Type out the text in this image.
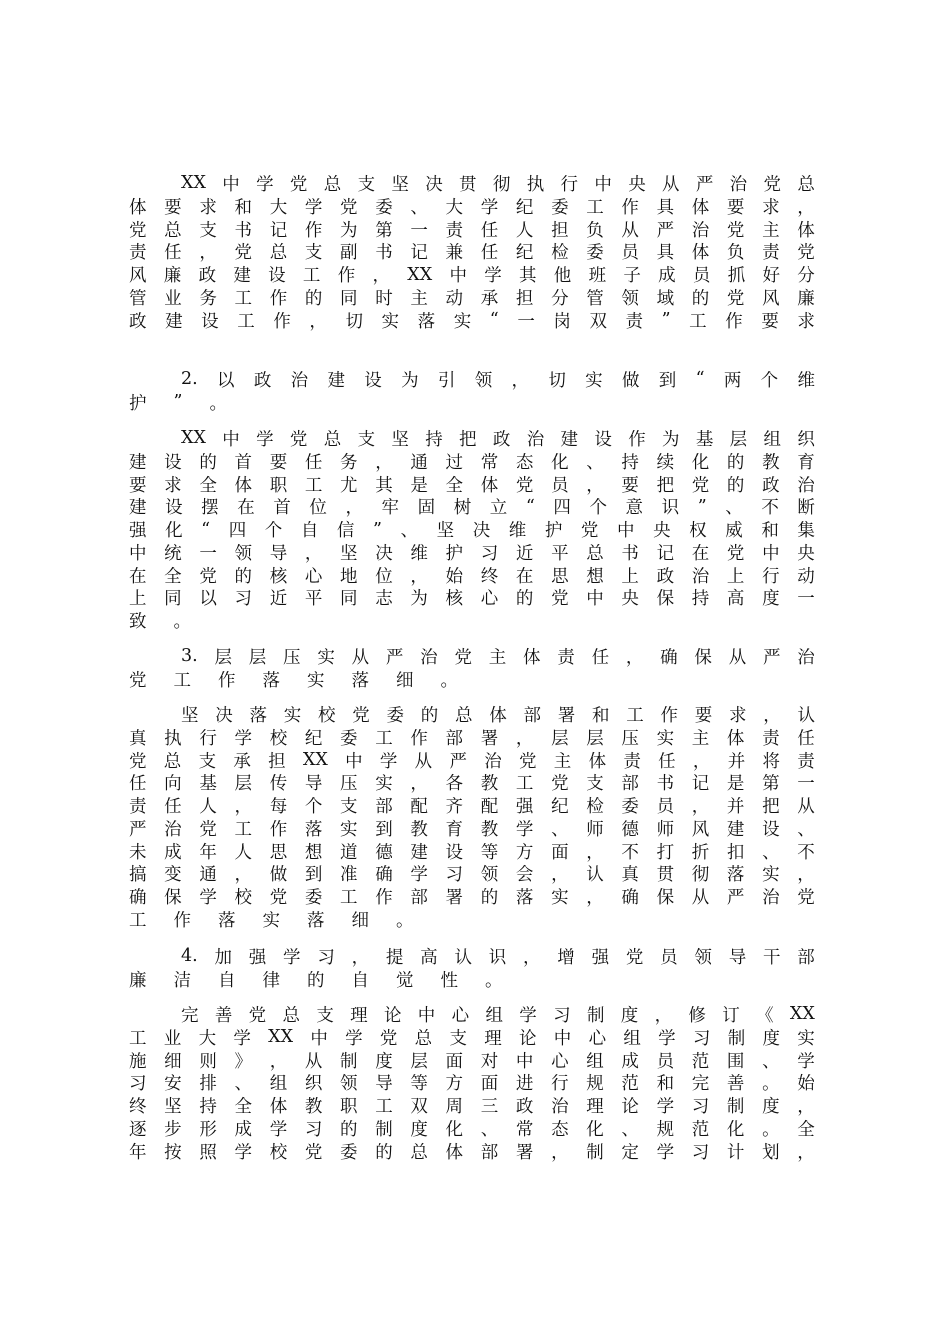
XX 中 学 党 总 支 坚 决 贯 彻 执 行 中 央 从 严 治 党 总
体 要 求 和 大 学 党 委 、 大 学 纪 委 工 作 具 体 要 求 ，
党 总 支 书 记 作 为 第 一 责 任 人 担 负 从 严 治 党 主 体
责 任 ， 党 总 支 副 书 记 兼 任 纪 检 委 员 具 体 负 责 党
风 廉 政 建 设 工 作 ， XX 中 学 其 他 班 子 成 员 抓 好 分
管 业 务 工 作 的 同 时 主 动 承 担 分 管 领 域 的 党 风 廉
政 建 设 工 作 ， 切 实 落 实 “ 一 岗 双 责 ” 工 作 要 求
2. 以 政 治 建 设 为 引 领 ， 切 实 做 到 “ 两 个 维
护 ” 。
XX 中 学 党 总 支 坚 持 把 政 治 建 设 作 为 基 层 组 织
建 设 的 首 要 任 务 ， 通 过 常 态 化 、 持 续 化 的 教 育
要 求 全 体 职 工 尤 其 是 全 体 党 员 ， 要 把 党 的 政 治
建 设 摆 在 首 位 ， 牢 固 树 立 “ 四 个 意 识 ” 、 不 断
强 化 “ 四 个 自 信 ” 、 坚 决 维 护 党 中 央 权 威 和 集
中 统 一 领 导 ， 坚 决 维 护 习 近 平 总 书 记 在 党 中 央
在 全 党 的 核 心 地 位 ， 始 终 在 思 想 上 政 治 上 行 动
上 同 以 习 近 平 同 志 为 核 心 的 党 中 央 保 持 高 度 一
致 。
3. 层 层 压 实 从 严 治 党 主 体 责 任 ， 确 保 从 严 治
党 工 作 落 实 落 细 。
坚 决 落 实 校 党 委 的 总 体 部 署 和 工 作 要 求 ， 认
真 执 行 学 校 纪 委 工 作 部 署 ， 层 层 压 实 主 体 责 任
党 总 支 承 担 XX 中 学 从 严 治 党 主 体 责 任 ， 并 将 责
任 向 基 层 传 导 压 实 ， 各 教 工 党 支 部 书 记 是 第 一
责 任 人 ， 每 个 支 部 配 齐 配 强 纪 检 委 员 ， 并 把 从
严 治 党 工 作 落 实 到 教 育 教 学 、 师 德 师 风 建 设 、
未 成 年 人 思 想 道 德 建 设 等 方 面 ， 不 打 折 扣 、 不
搞 变 通 ， 做 到 准 确 学 习 领 会 ， 认 真 贯 彻 落 实 ，
确 保 学 校 党 委 工 作 部 署 的 落 实 ， 确 保 从 严 治 党
工 作 落 实 落 细 。
4. 加 强 学 习 ， 提 高 认 识 ， 增 强 党 员 领 导 干 部
廉 洁 自 律 的 自 觉 性 。
完 善 党 总 支 理 论 中 心 组 学 习 制 度 ， 修 订 《 XX
工 业 大 学 XX 中 学 党 总 支 理 论 中 心 组 学 习 制 度 实
施 细 则 》 ， 从 制 度 层 面 对 中 心 组 成 员 范 围 、 学
习 安 排 、 组 织 领 导 等 方 面 进 行 规 范 和 完 善 。 始
终 坚 持 全 体 教 职 工 双 周 三 政 治 理 论 学 习 制 度 ，
逐 步 形 成 学 习 的 制 度 化 、 常 态 化 、 规 范 化 。 全
年 按 照 学 校 党 委 的 总 体 部 署 ， 制 定 学 习 计 划 ，
